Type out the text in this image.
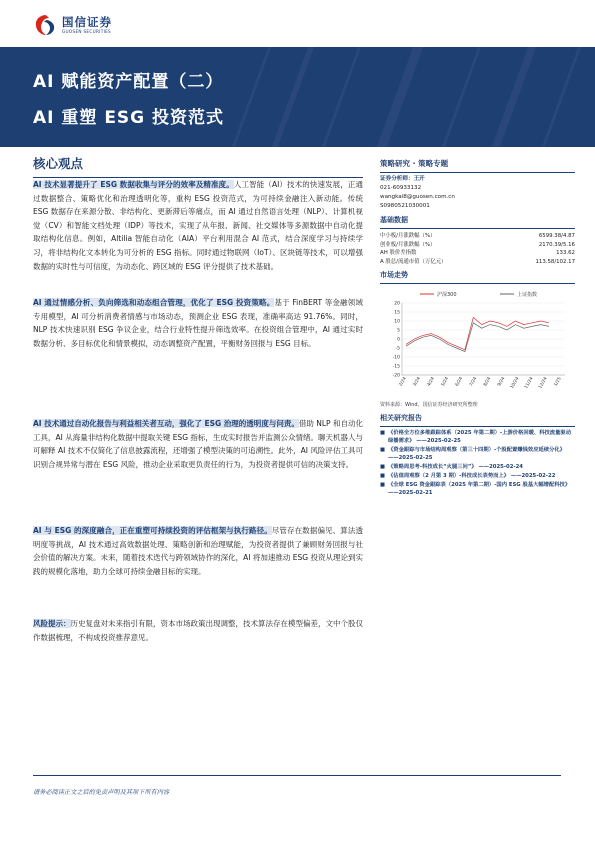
国信证券
GUOSEN SECURITIES
AI 赋能资产配置（二）
AI 重塑 ESG 投资范式
核心观点
AI 技术显著提升了 ESG 数据收集与评分的效率及精准度。人工智能（AI）技术的快速发展，正通过数据整合、策略优化和治理透明化等，重构 ESG 投资范式，为可持续金融注入新动能。传统 ESG 数据存在来源分散、非结构化、更新滞后等痛点，而 AI 通过自然语言处理（NLP）、计算机视觉（CV）和智能文档处理（IDP）等技术，实现了从年报、新闻、社交媒体等多源数据中自动化提取结构化信息。例如，Altilia 智能自动化（AIA）平台利用混合 AI 范式，结合深度学习与持续学习，将非结构化文本转化为可分析的 ESG 指标。同时通过物联网（IoT）、区块链等技术，可以增强数据的实时性与可信度，为动态化、跨区域的 ESG 评分提供了技术基础。
AI 通过情感分析、负向筛选和动态组合管理，优化了 ESG 投资策略。基于 FinBERT 等金融领域专用模型，AI 可分析消费者情感与市场动态，预测企业 ESG 表现，准确率高达 91.76%。同时，NLP 技术快速识别 ESG 争议企业，结合行业特性提升筛选效率。在投资组合管理中，AI 通过实时数据分析、多目标优化和情景模拟，动态调整资产配置，平衡财务回报与 ESG 目标。
AI 技术通过自动化报告与利益相关者互动，强化了 ESG 治理的透明度与问责。借助 NLP 和自动化工具，AI 从海量非结构化数据中提取关键 ESG 指标，生成实时报告并监测公众情绪。聊天机器人与可解释 AI 技术不仅简化了信息披露流程，还增强了模型决策的可追溯性。此外，AI 风险评估工具可识别合规异常与潜在 ESG 风险，推动企业采取更负责任的行为，为投资者提供可信的决策支持。
AI 与 ESG 的深度融合，正在重塑可持续投资的评估框架与执行路径。尽管存在数据偏见、算法透明度等挑战，AI 技术通过高效数据处理、策略创新和治理赋能，为投资者提供了兼顾财务回报与社会价值的解决方案。未来，随着技术迭代与跨领域协作的深化，AI 将加速推动 ESG 投资从理论到实践的规模化落地，助力全球可持续金融目标的实现。
风险提示：历史复盘对未来指引有限，资本市场政策出现调整，技术算法存在模型偏差，文中个股仅作数据梳理，不构成投资推荐意见。
策略研究 · 策略专题
证券分析师：王开
021-60933132
wangkai8@guosen.com.cn
S0980521030001
基础数据
中小板/月涨跌幅（%）	6599.38/4.87
创业板/月涨跌幅（%）	2170.39/5.16
AH 股价差指数	133.62
A 股总/流通市值（万亿元）	113.58/102.17
市场走势
沪深300	上证指数
20
15
10
5
0
-5
-10
-15
-20
2/24 3/24 4/24 5/24 6/24 7/24 8/24 9/24 10/24 11/24 12/24 1/25
资料来源：Wind、国信证券经济研究所整理
相关研究报告
■ 《价格全方位多维跟踪体系（2025 年第二期）-上游价格回暖、科技流量驱动绿播需求》 ——2025-02-25
■ 《资金跟踪与市场结构周观察（第三十四期）-个股配置赚钱效应延续分化》 ——2025-02-25
■ 《策略周思考-科技成长“火腿三问”》 ——2025-02-24
■ 《估值周观察（2 月第 3 期）-科技成长表势而上》 ——2025-02-22
■ 《全球 ESG 资金跟踪表（2025 年第二期）-国内 ESG 股基大幅增配科技》 ——2025-02-21
请务必阅读正文之后的免责声明及其项下所有内容
